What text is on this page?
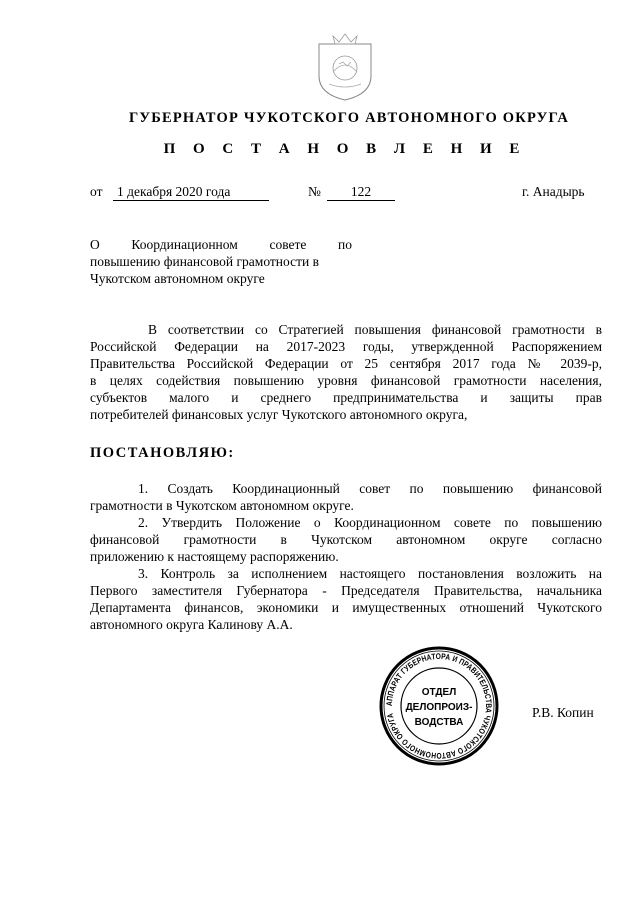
ГУБЕРНАТОР ЧУКОТСКОГО АВТОНОМНОГО ОКРУГА
П О С Т А Н О В Л Е Н И Е
от 1 декабря 2020 года	№	122	г. Анадырь
О     Координационном     совете     по
повышению финансовой грамотности в
Чукотском автономном округе
В соответствии со Стратегией повышения финансовой грамотности в
Российской Федерации на 2017-2023 годы, утвержденной Распоряжением
Правительства Российской Федерации от 25 сентября 2017 года № 2039-р,
в целях содействия повышению уровня финансовой грамотности населения,
субъектов малого и среднего предпринимательства и защиты прав
потребителей финансовых услуг Чукотского автономного округа,
ПОСТАНОВЛЯЮ:
1. Создать Координационный совет по повышению финансовой
грамотности в Чукотском автономном округе.
2. Утвердить Положение о Координационном совете по повышению
финансовой грамотности в Чукотском автономном округе согласно
приложению к настоящему распоряжению.
3. Контроль за исполнением настоящего постановления возложить на
Первого заместителя Губернатора - Председателя Правительства, начальника
Департамента финансов, экономики и имущественных отношений Чукотского
автономного округа Калинову А.А.
АППАРАТ ГУБЕРНАТОРА И ПРАВИТЕЛЬСТВА ЧУКОТСКОГО АВТОНОМНОГО ОКРУГА
ОТДЕЛ
ДЕЛОПРОИЗ-
ВОДСТВА
Р.В. Копин
